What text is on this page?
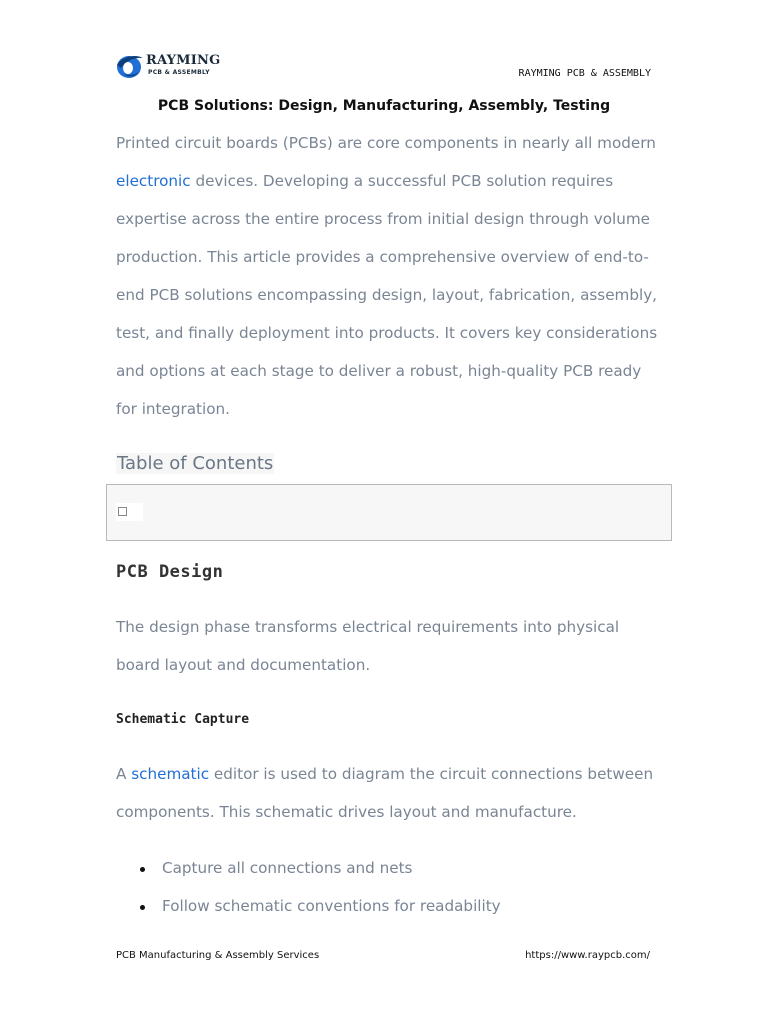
RAYMING
PCB & ASSEMBLY	RAYMING PCB & ASSEMBLY
PCB Solutions: Design, Manufacturing, Assembly, Testing

Printed circuit boards (PCBs) are core components in nearly all modern electronic devices. Developing a successful PCB solution requires expertise across the entire process from initial design through volume production. This article provides a comprehensive overview of end-to-end PCB solutions encompassing design, layout, fabrication, assembly, test, and finally deployment into products. It covers key considerations and options at each stage to deliver a robust, high-quality PCB ready for integration.

Table of Contents
PCB Design

The design phase transforms electrical requirements into physical board layout and documentation.

Schematic Capture

A schematic editor is used to diagram the circuit connections between components. This schematic drives layout and manufacture.

Capture all connections and nets
Follow schematic conventions for readability
PCB Manufacturing & Assembly Services	https://www.raypcb.com/
